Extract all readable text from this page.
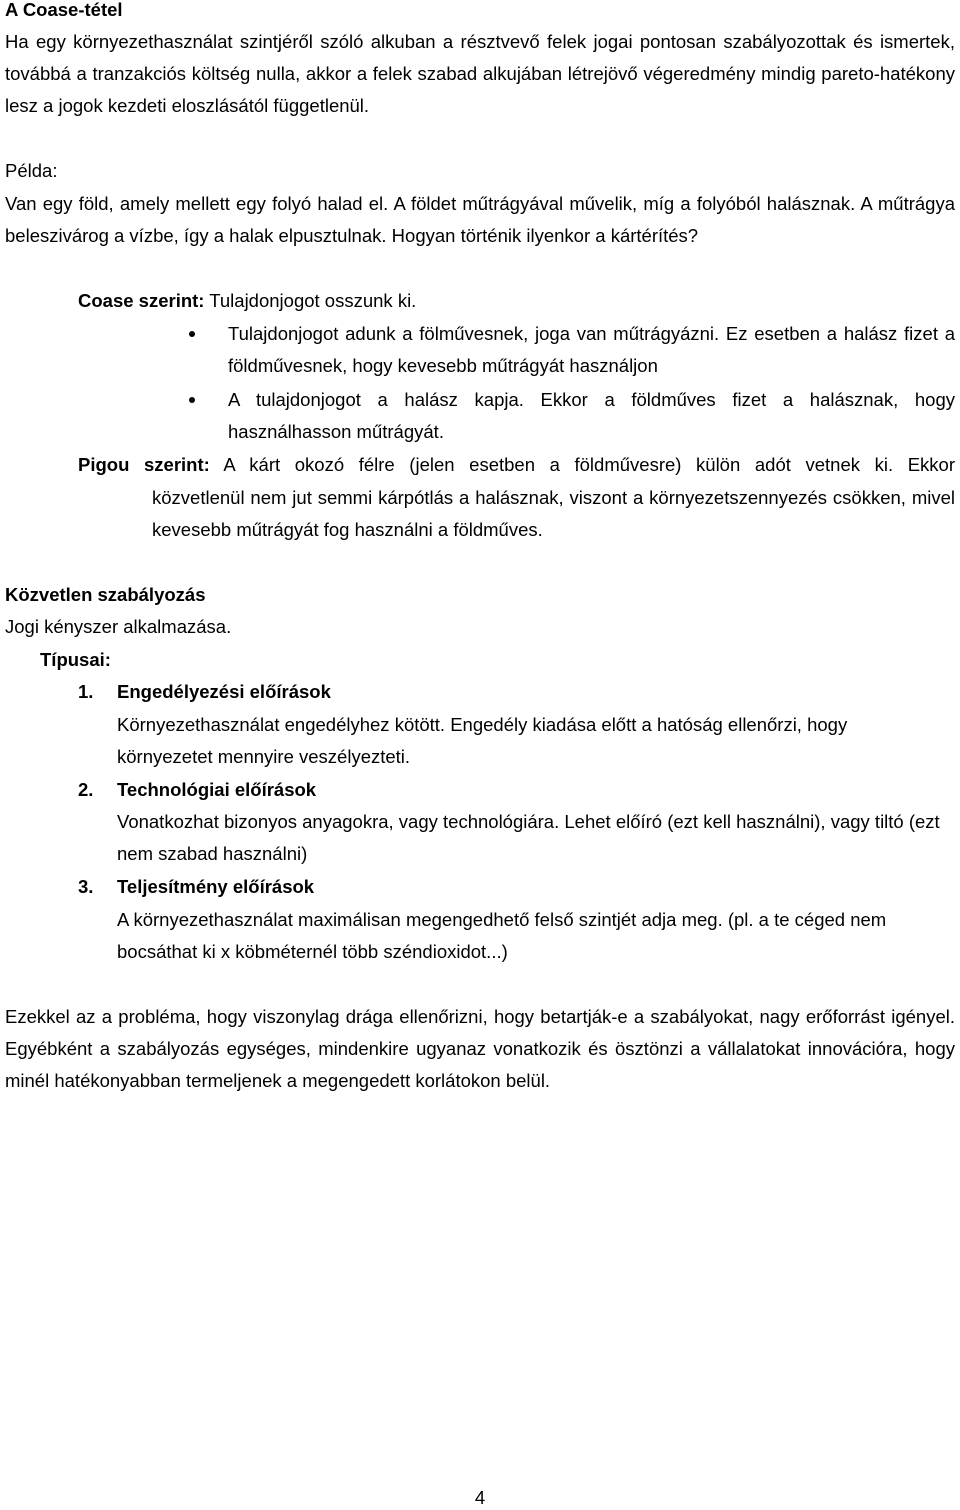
A Coase-tétel
Ha egy környezethasználat szintjéről szóló alkuban a résztvevő felek jogai pontosan szabályozottak és ismertek, továbbá a tranzakciós költség nulla, akkor a felek szabad alkujában létrejövő végeredmény mindig pareto-hatékony lesz a jogok kezdeti eloszlásától függetlenül.
Példa:
Van egy föld, amely mellett egy folyó halad el. A földet műtrágyával művelik, míg a folyóból halásznak. A műtrágya beleszivárog a vízbe, így a halak elpusztulnak. Hogyan történik ilyenkor a kártérítés?
Coase szerint: Tulajdonjogot osszunk ki.
Tulajdonjogot adunk a fölművesnek, joga van műtrágyázni. Ez esetben a halász fizet a földművesnek, hogy kevesebb műtrágyát használjon
A tulajdonjogot a halász kapja. Ekkor a földműves fizet a halásznak, hogy használhasson műtrágyát.
Pigou szerint: A kárt okozó félre (jelen esetben a földművesre) külön adót vetnek ki. Ekkor
közvetlenül nem jut semmi kárpótlás a halásznak, viszont a környezetszennyezés csökken, mivel kevesebb műtrágyát fog használni a földműves.
Közvetlen szabályozás
Jogi kényszer alkalmazása.
Típusai:
1. Engedélyezési előírások
Környezethasználat engedélyhez kötött. Engedély kiadása előtt a hatóság ellenőrzi, hogy környezetet mennyire veszélyezteti.
2. Technológiai előírások
Vonatkozhat bizonyos anyagokra, vagy technológiára. Lehet előíró (ezt kell használni), vagy tiltó (ezt nem szabad használni)
3. Teljesítmény előírások
A környezethasználat maximálisan megengedhető felső szintjét adja meg. (pl. a te céged nem bocsáthat ki x köbméternél több széndioxidot...)
Ezekkel az a probléma, hogy viszonylag drága ellenőrizni, hogy betartják-e a szabályokat, nagy erőforrást igényel. Egyébként a szabályozás egységes, mindenkire ugyanaz vonatkozik és ösztönzi a vállalatokat innovációra, hogy minél hatékonyabban termeljenek a megengedett korlátokon belül.
4
